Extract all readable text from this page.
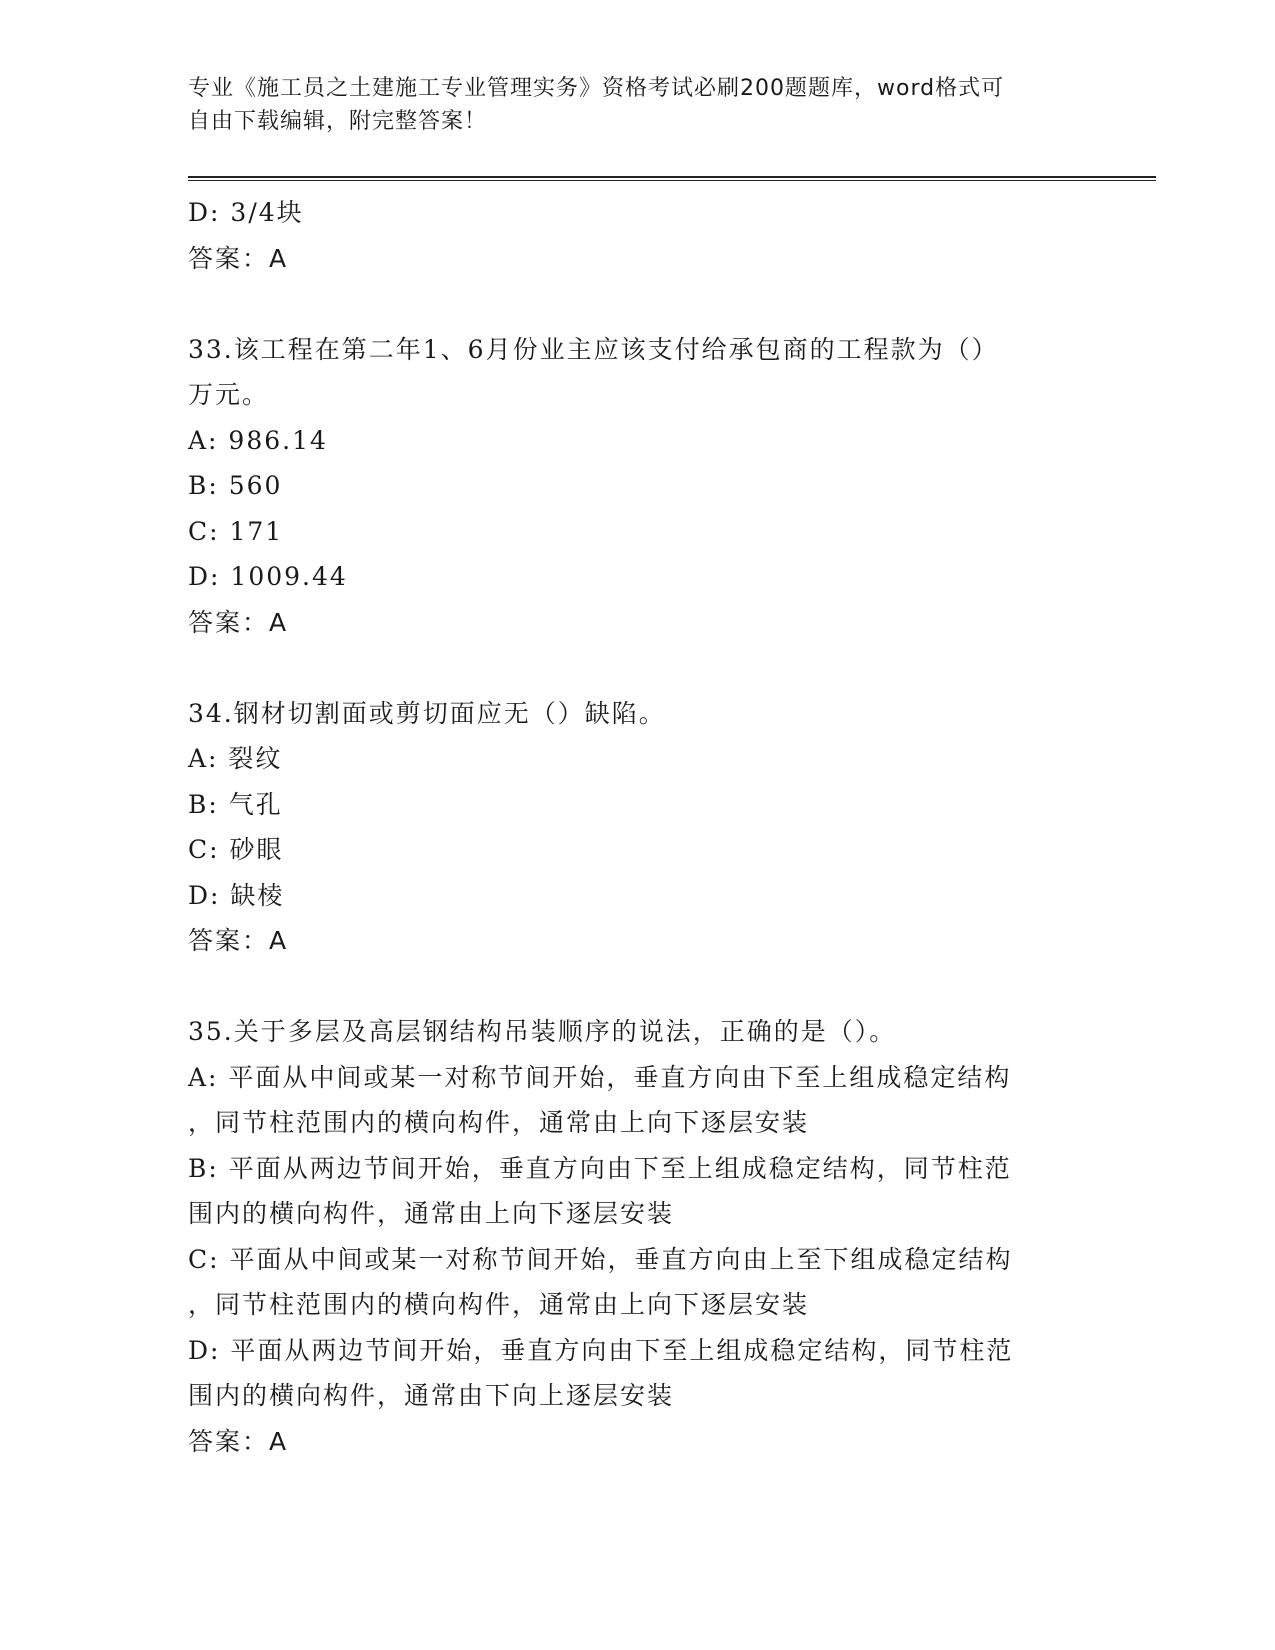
专业《施工员之土建施工专业管理实务》资格考试必刷200题题库，word格式可
自由下载编辑，附完整答案！
D: 3/4块
答案：A
33.该工程在第二年1、6月份业主应该支付给承包商的工程款为（）
万元。
A: 986.14
B: 560
C: 171
D: 1009.44
答案：A
34.钢材切割面或剪切面应无（）缺陷。
A: 裂纹
B: 气孔
C: 砂眼
D: 缺棱
答案：A
35.关于多层及高层钢结构吊装顺序的说法，正确的是（）。
A: 平面从中间或某一对称节间开始，垂直方向由下至上组成稳定结构
，同节柱范围内的横向构件，通常由上向下逐层安装
B: 平面从两边节间开始，垂直方向由下至上组成稳定结构，同节柱范
围内的横向构件，通常由上向下逐层安装
C: 平面从中间或某一对称节间开始，垂直方向由上至下组成稳定结构
，同节柱范围内的横向构件，通常由上向下逐层安装
D: 平面从两边节间开始，垂直方向由下至上组成稳定结构，同节柱范
围内的横向构件，通常由下向上逐层安装
答案：A
